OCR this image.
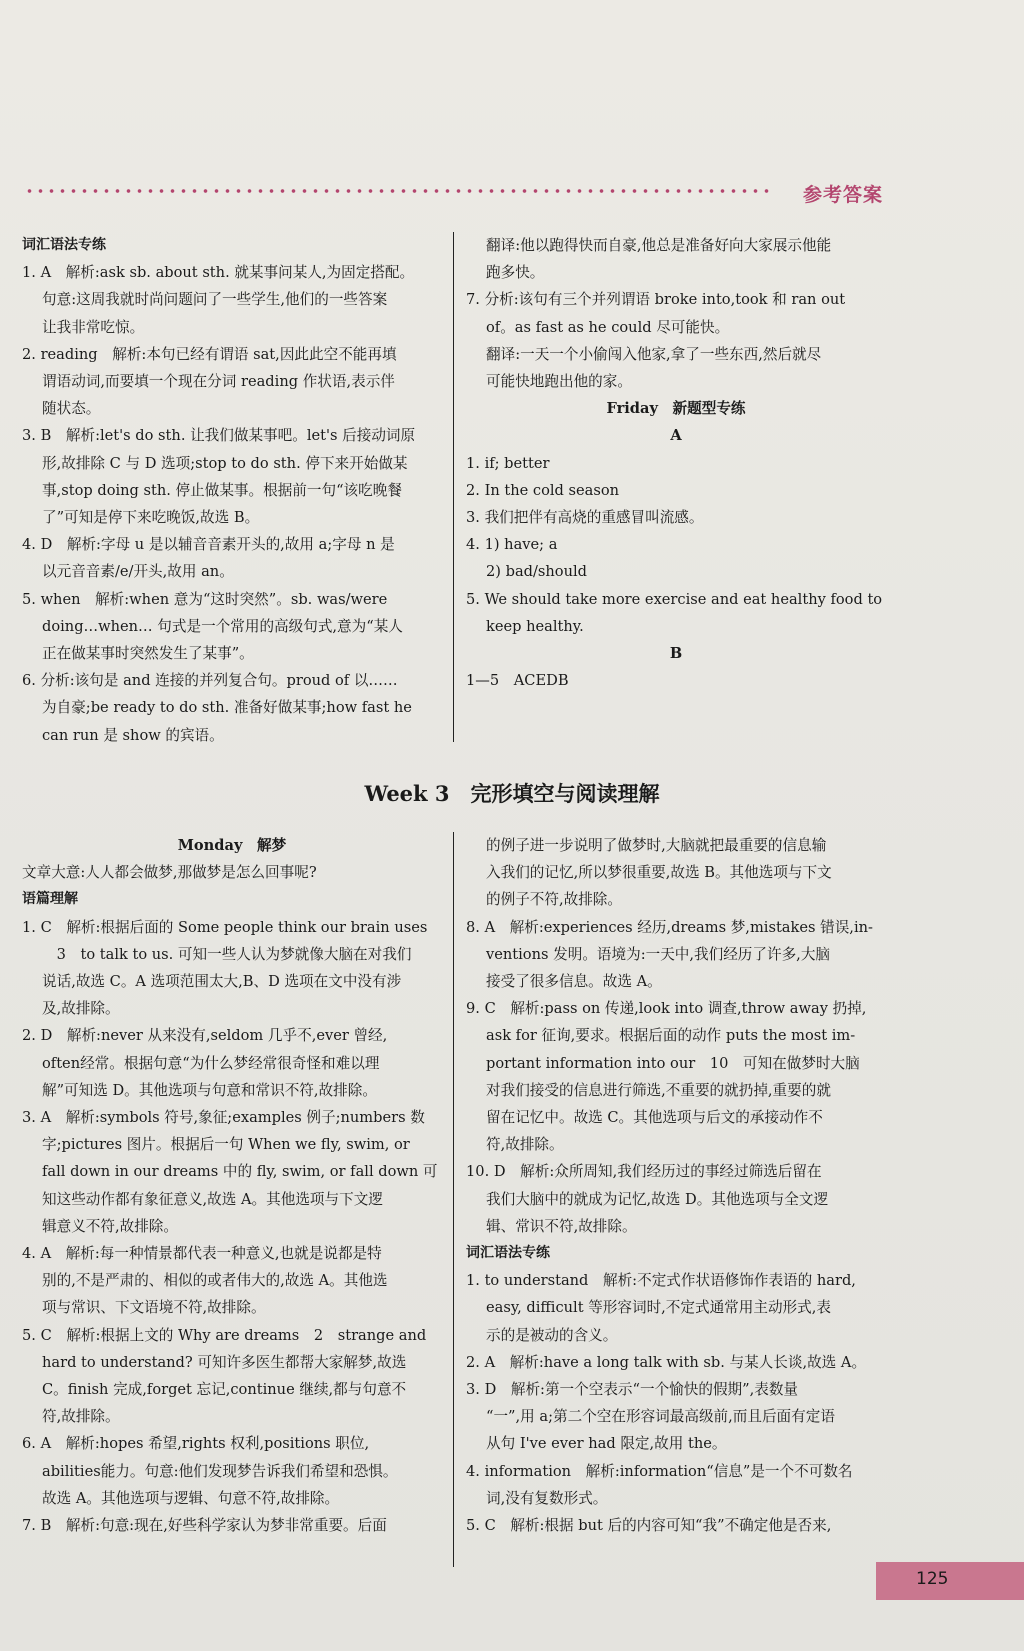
参考答案

词汇语法专练

1. A　解析:ask sb. about sth. 就某事问某人,为固定搭配。

句意:这周我就时尚问题问了一些学生,他们的一些答案

让我非常吃惊。

2. reading　解析:本句已经有谓语 sat,因此此空不能再填

谓语动词,而要填一个现在分词 reading 作状语,表示伴

随状态。

3. B　解析:let's do sth. 让我们做某事吧。let's 后接动词原

形,故排除 C 与 D 选项;stop to do sth. 停下来开始做某

事,stop doing sth. 停止做某事。根据前一句“该吃晚餐

了”可知是停下来吃晚饭,故选 B。

4. D　解析:字母 u 是以辅音音素开头的,故用 a;字母 n 是

以元音音素/e/开头,故用 an。

5. when　解析:when 意为“这时突然”。sb. was/were

doing…when… 句式是一个常用的高级句式,意为“某人

正在做某事时突然发生了某事”。

6. 分析:该句是 and 连接的并列复合句。proud of 以……

为自豪;be ready to do sth. 准备好做某事;how fast he

can run 是 show 的宾语。

翻译:他以跑得快而自豪,他总是准备好向大家展示他能

跑多快。

7. 分析:该句有三个并列谓语 broke into,took 和 ran out

of。as fast as he could 尽可能快。

翻译:一天一个小偷闯入他家,拿了一些东西,然后就尽

可能快地跑出他的家。

Friday　新题型专练

A

1. if; better

2. In the cold season

3. 我们把伴有高烧的重感冒叫流感。

4. 1) have; a

2) bad/should

5. We should take more exercise and eat healthy food to

keep healthy.

B

1—5　ACEDB

Week 3　完形填空与阅读理解

Monday　解梦

文章大意:人人都会做梦,那做梦是怎么回事呢?

语篇理解

1. C　解析:根据后面的 Some people think our brain uses

　3　to talk to us. 可知一些人认为梦就像大脑在对我们

说话,故选 C。A 选项范围太大,B、D 选项在文中没有涉

及,故排除。

2. D　解析:never 从来没有,seldom 几乎不,ever 曾经,

often经常。根据句意“为什么梦经常很奇怪和难以理

解”可知选 D。其他选项与句意和常识不符,故排除。

3. A　解析:symbols 符号,象征;examples 例子;numbers 数

字;pictures 图片。根据后一句 When we fly, swim, or

fall down in our dreams 中的 fly, swim, or fall down 可

知这些动作都有象征意义,故选 A。其他选项与下文逻

辑意义不符,故排除。

4. A　解析:每一种情景都代表一种意义,也就是说都是特

别的,不是严肃的、相似的或者伟大的,故选 A。其他选

项与常识、下文语境不符,故排除。

5. C　解析:根据上文的 Why are dreams　2　strange and

hard to understand? 可知许多医生都帮大家解梦,故选

C。finish 完成,forget 忘记,continue 继续,都与句意不

符,故排除。

6. A　解析:hopes 希望,rights 权利,positions 职位,

abilities能力。句意:他们发现梦告诉我们希望和恐惧。

故选 A。其他选项与逻辑、句意不符,故排除。

7. B　解析:句意:现在,好些科学家认为梦非常重要。后面

的例子进一步说明了做梦时,大脑就把最重要的信息输

入我们的记忆,所以梦很重要,故选 B。其他选项与下文

的例子不符,故排除。

8. A　解析:experiences 经历,dreams 梦,mistakes 错误,in-

ventions 发明。语境为:一天中,我们经历了许多,大脑

接受了很多信息。故选 A。

9. C　解析:pass on 传递,look into 调查,throw away 扔掉,

ask for 征询,要求。根据后面的动作 puts the most im-

portant information into our　10　可知在做梦时大脑

对我们接受的信息进行筛选,不重要的就扔掉,重要的就

留在记忆中。故选 C。其他选项与后文的承接动作不

符,故排除。

10. D　解析:众所周知,我们经历过的事经过筛选后留在

我们大脑中的就成为记忆,故选 D。其他选项与全文逻

辑、常识不符,故排除。

词汇语法专练

1. to understand　解析:不定式作状语修饰作表语的 hard,

easy, difficult 等形容词时,不定式通常用主动形式,表

示的是被动的含义。

2. A　解析:have a long talk with sb. 与某人长谈,故选 A。

3. D　解析:第一个空表示“一个愉快的假期”,表数量

“一”,用 a;第二个空在形容词最高级前,而且后面有定语

从句 I've ever had 限定,故用 the。

4. information　解析:information“信息”是一个不可数名

词,没有复数形式。

5. C　解析:根据 but 后的内容可知“我”不确定他是否来,

125
